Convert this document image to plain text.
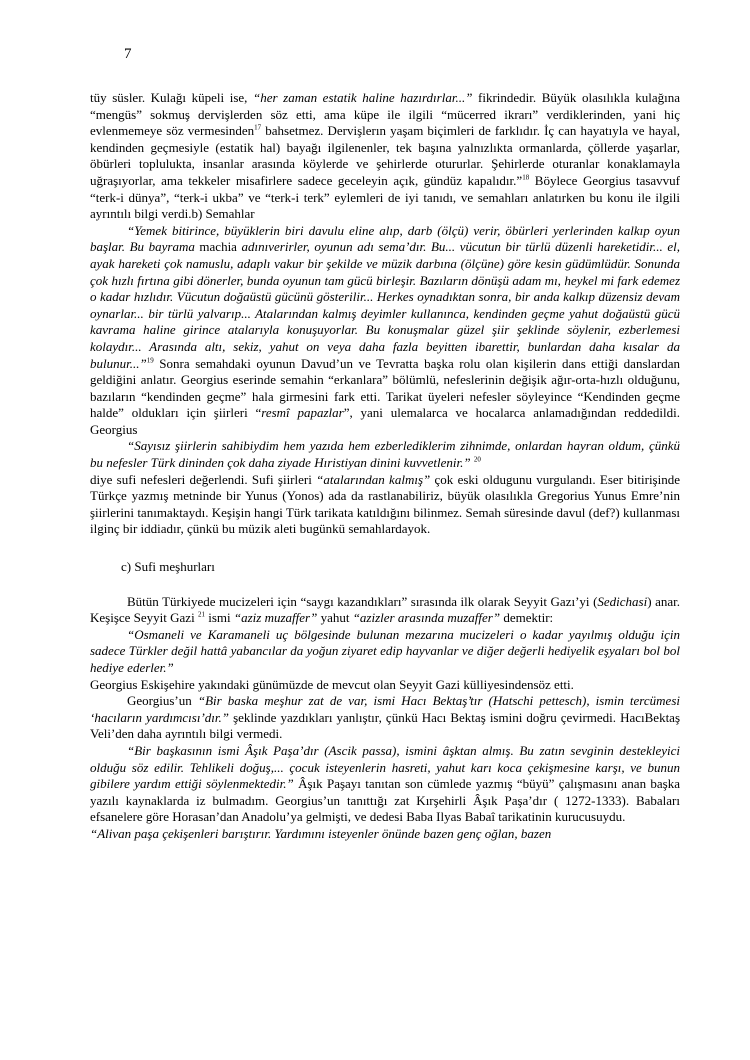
7

tüy süsler. Kulağı küpeli ise, “her zaman estatik haline hazırdırlar...” fikrindedir. Büyük olasılıkla kulağına “mengüs” sokmuş dervişlerden söz etti, ama küpe ile ilgili “mücerred ikrarı” verdiklerinden, yani hiç evlenmemeye söz vermesinden$^{17}$ bahsetmez. Dervişlerın yaşam biçimleri de farklıdır. İç can hayatıyla ve hayal, kendinden geçmesiyle (estatik hal) bayağı ilgilenenler, tek başına yalnızlıkta ormanlarda, çöllerde yaşarlar, öbürleri topluluktа, insanlar arasında köylerde ve şehirlerde otururlar. Şehirlerde oturanlar konaklamayla uğraşıyorlar, ama tekkeler misafirlere sadece geceleyin açık, gündüz kapalıdır.”$^{18}$ Böylece Georgius tasavvuf “terk-i dünya”, “terk-i ukba” ve “terk-i terk” eylemleri de iyi tanıdı, ve semahları anlatırken bu konu ile ilgili ayrıntılı bilgi verdi.b) Semahlar

“Yemek bitirince, büyüklerin biri davulu eline alıp, darb (ölçü) verir, öbürleri yerlerinden kalkıp oyun başlar. Bu bayrama machia adınıverirler, oyunun adı sema’dır. Bu... vücutun bir türlü düzenli hareketidir... el, ayak hareketi çok namuslu, adaplı vakur bir şekilde ve müzik darbına (ölçüne) göre kesin güdümlüdür. Sonunda çok hızlı fırtına gibi dönerler, bunda oyunun tam gücü birleşir. Bazıların dönüşü adam mı, heykel mi fark edemez o kadar hızlıdır. Vücutun doğaüstü gücünü gösterilir... Herkes oynadıktan sonra, bir anda kalkıp düzensiz devam oynarlar... bir türlü yalvarıp... Atalarından kalmış deyimler kullanınca, kendinden geçme yahut doğaüstü gücü kavrama haline girince atalarıyla konuşuyorlar. Bu konuşmalar güzel şiir şeklinde söylenir, ezberlemesi kolaydır... Arasında altı, sekiz, yahut on veya daha fazla beyitten ibarettir, bunlardan daha kısalar da bulunur...”$^{19}$ Sonra semahdaki oyunun Davud’un ve Tevratta başka rolu olan kişilerin dans ettiği danslardan geldiğini anlatır. Georgius eserinde semahin “erkanlara” bölümlü, nefeslerinin değişik ağır-orta-hızlı olduğunu, bazıların “kendinden geçme” hala girmesini fark etti. Tarikat üyeleri nefesler söyleyince “Kendinden geçme halde” oldukları için şiirleri “resmî papazlar”, yani ulemalarca ve hocalarca anlamadığından reddedildi. Georgius

“Sayısız şiirlerin sahibiydim hem yazıda hem ezberlediklerim zihnimde, onlardan hayran oldum, çünkü bu nefesler Türk dininden çok daha ziyade Hıristiyan dinini kuvvetlenir.” $^{20}$

diye sufi nefesleri değerlendi. Sufi şiirleri “atalarından kalmış” çok eski oldugunu vurgulandı. Eser bitirişinde Türkçe yazmış metninde bir Yunus (Yonos) ada da rastlanabiliriz, büyük olasılıkla Gregorius Yunus Emre’nin şiirlerini tanımaktaydı. Keşişin hangi Türk tarikata katıldığını bilinmez. Semah süresinde davul (def?) kullanması ilginç bir iddiadır, çünkü bu müzik aleti bugünkü semahlardayok.

c) Sufi meşhurları

Bütün Türkiyede mucizeleri için “saygı kazandıkları” sırasında ilk olarak Seyyit Gazı’yi (Sedichasi) anar. Keşişce Seyyit Gazi $^{21}$ ismi “aziz muzaffer” yahut “azizler arasında muzaffer” demektir:

“Osmaneli ve Karamaneli uç bölgesinde bulunan mezarına mucizeleri o kadar yayılmış olduğu için sadece Türkler değil hattâ yabancılar da yoğun ziyaret edip hayvanlar ve diğer değerli hediyelik eşyaları bol bol hediye ederler.”

Georgius Eskişehire yakındaki günümüzde de mevcut olan Seyyit Gazi külliyesindensöz etti.

Georgius’un “Bir baska meşhur zat de var, ismi Hacı Bektaş’tır (Hatschi pettesch), ismin tercümesi ‘hacıların yardımcısı’dır.” şeklinde yazdıkları yanlıştır, çünkü Hacı Bektaş ismini doğru çevirmedi. HacıBektaş Veli’den daha ayrıntılı bilgi vermedi.

“Bir başkasının ismi Âşık Paşa’dır (Ascik passa), ismini âşktan almış. Bu zatın sevginin destekleyici olduğu söz edilir. Tehlikeli doğuş,... çocuk isteyenlerin hasreti, yahut karı koca çekişmesine karşı, ve bunun gibilere yardım ettiği söylenmektedir.” Âşık Paşayı tanıtan son cümlede yazmış “büyü” çalışmasını anan başka yazılı kaynaklarda iz bulmadım. Georgius’un tanıttığı zat Kırşehirli Âşık Paşa’dır ( 1272-1333). Babaları efsanelere göre Horasan’dan Anadolu’ya gelmişti, ve dedesi Baba Ilyas Babaî tarikatinin kurucusuydu.

“Alivan paşa çekişenleri barıştırır. Yardımını isteyenler önünde bazen genç oğlan, bazen
